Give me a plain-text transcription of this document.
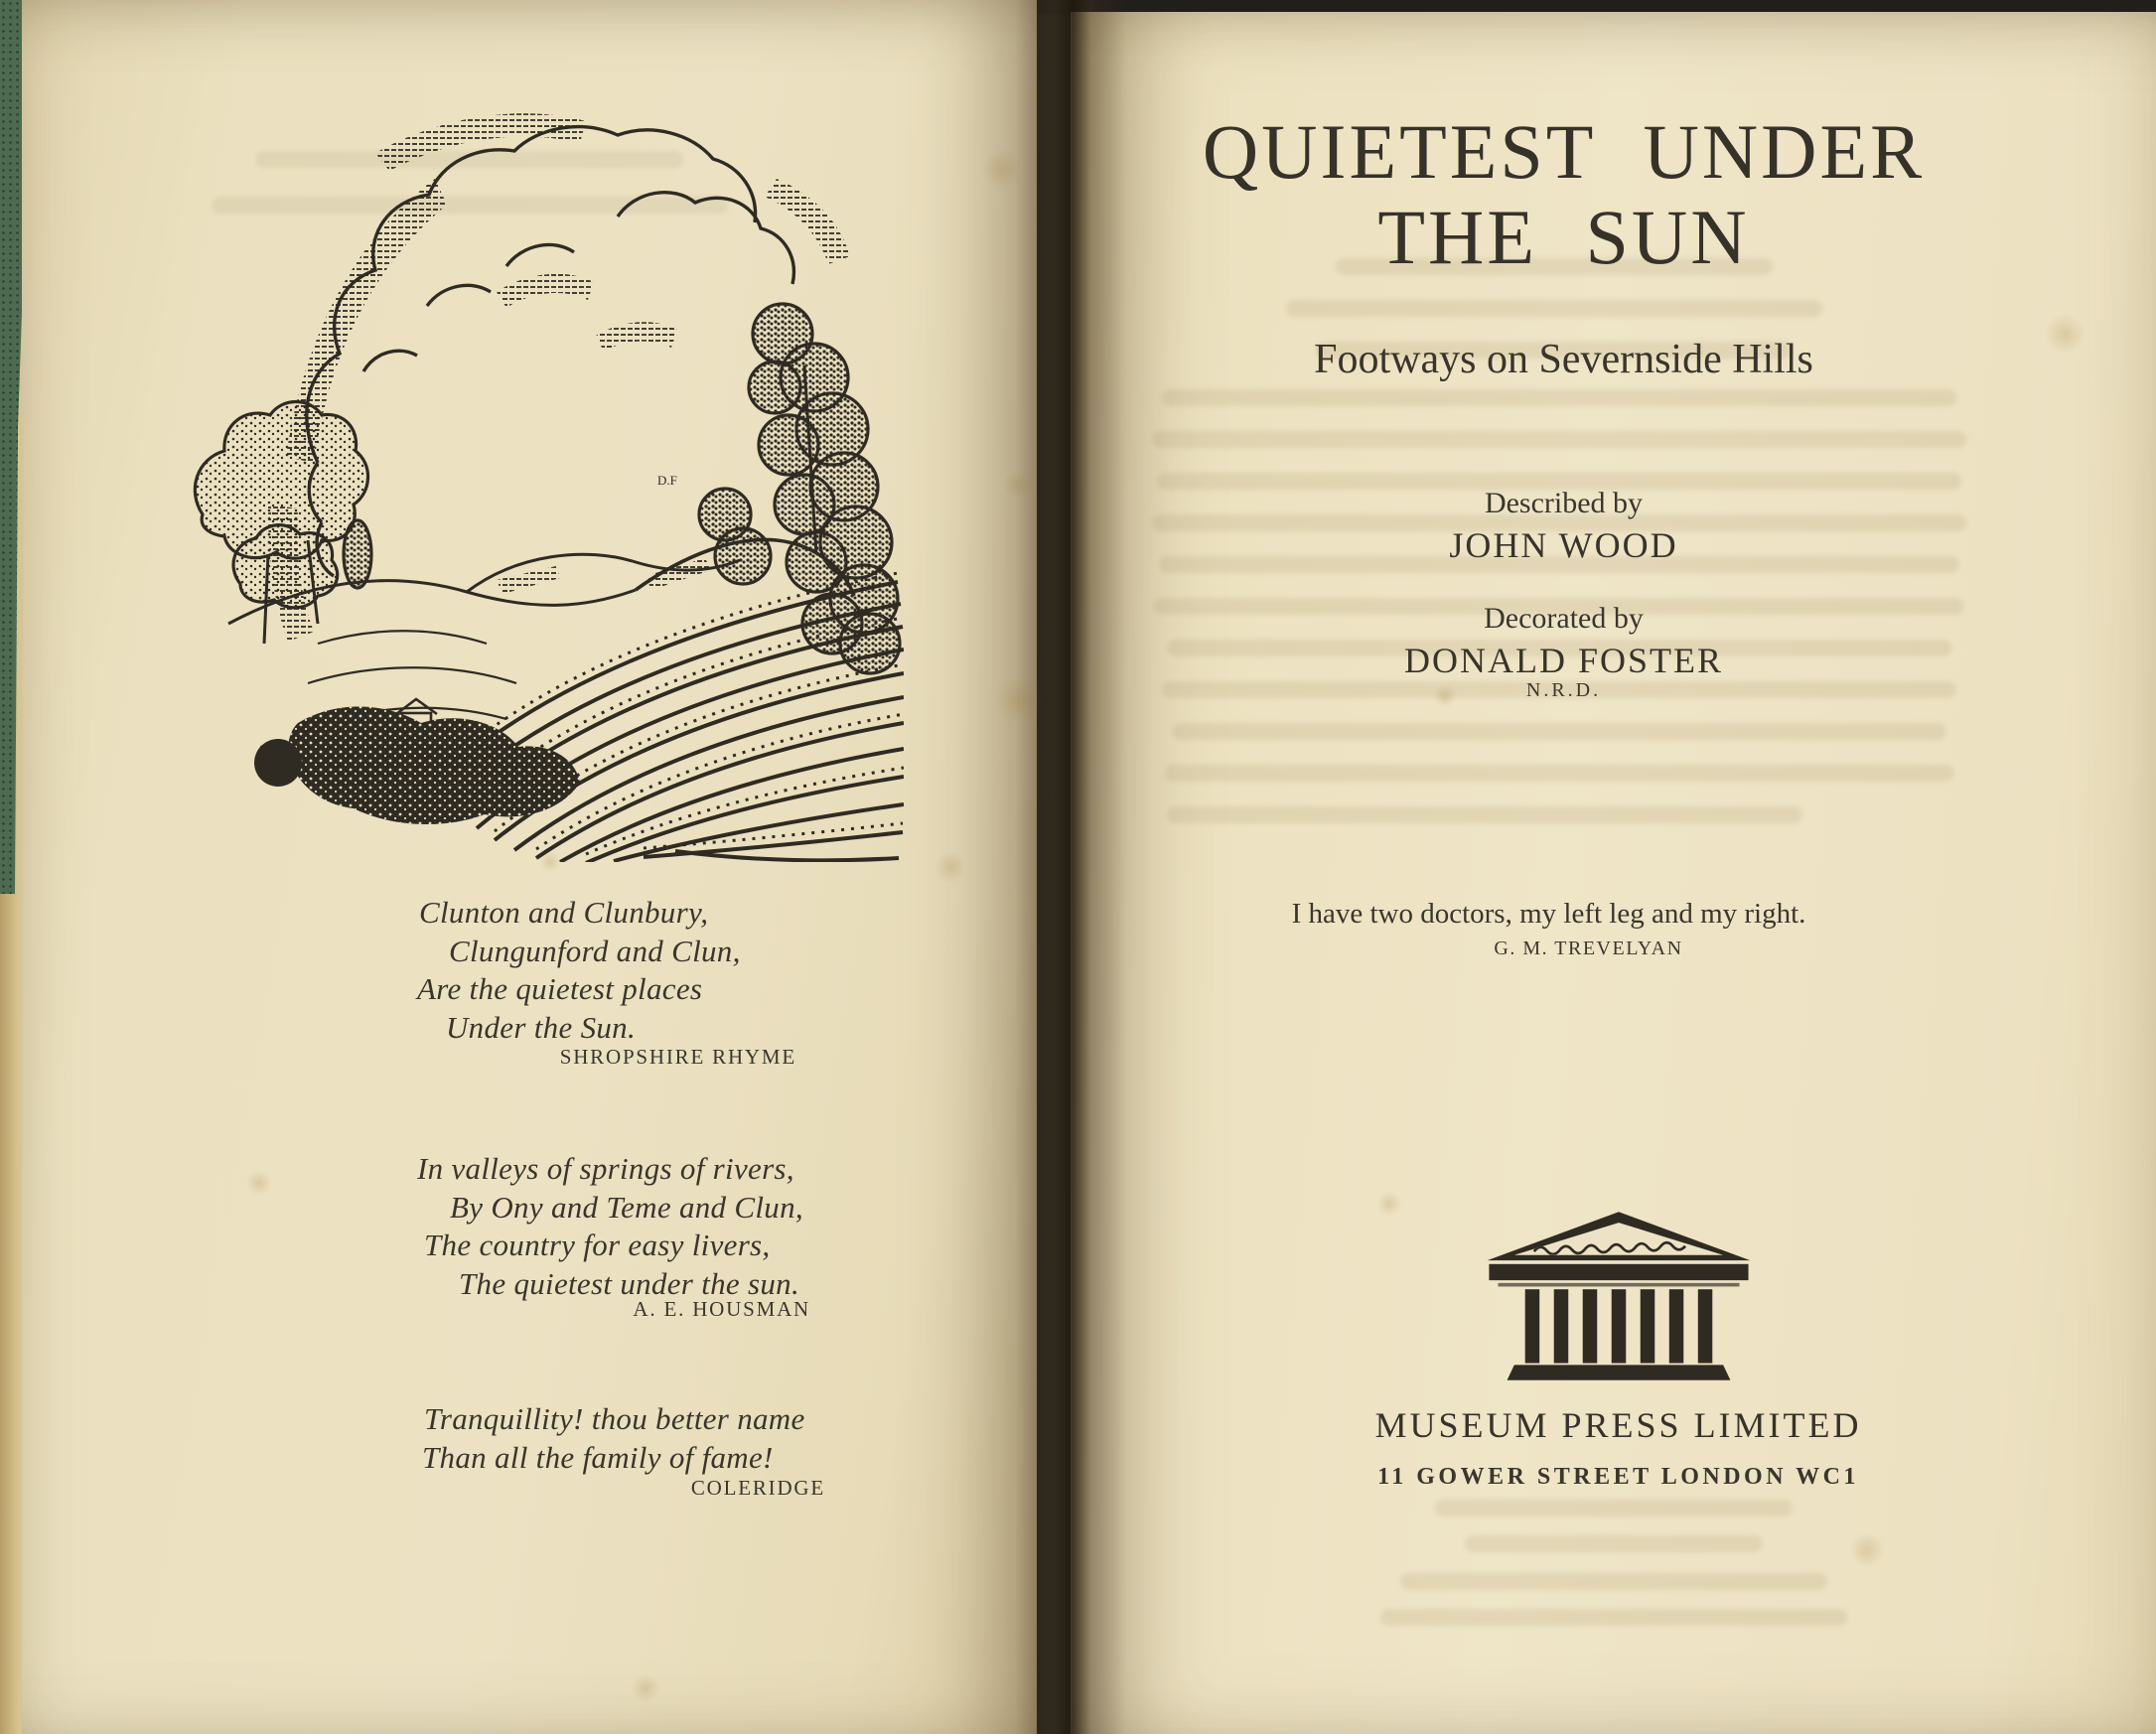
D.F
Clunton and Clunbury,
Clungunford and Clun,
Are the quietest places
Under the Sun.
SHROPSHIRE RHYME
In valleys of springs of rivers,
By Ony and Teme and Clun,
The country for easy livers,
The quietest under the sun.
A. E. HOUSMAN
Tranquillity! thou better name
Than all the family of fame!
COLERIDGE
QUIETEST UNDER
THE SUN
Footways on Severnside Hills
Described by
JOHN WOOD
Decorated by
DONALD FOSTER
N.R.D.
I have two doctors, my left leg and my right.
G. M. TREVELYAN
MUSEUM PRESS LIMITED
11 GOWER STREET LONDON WC1
